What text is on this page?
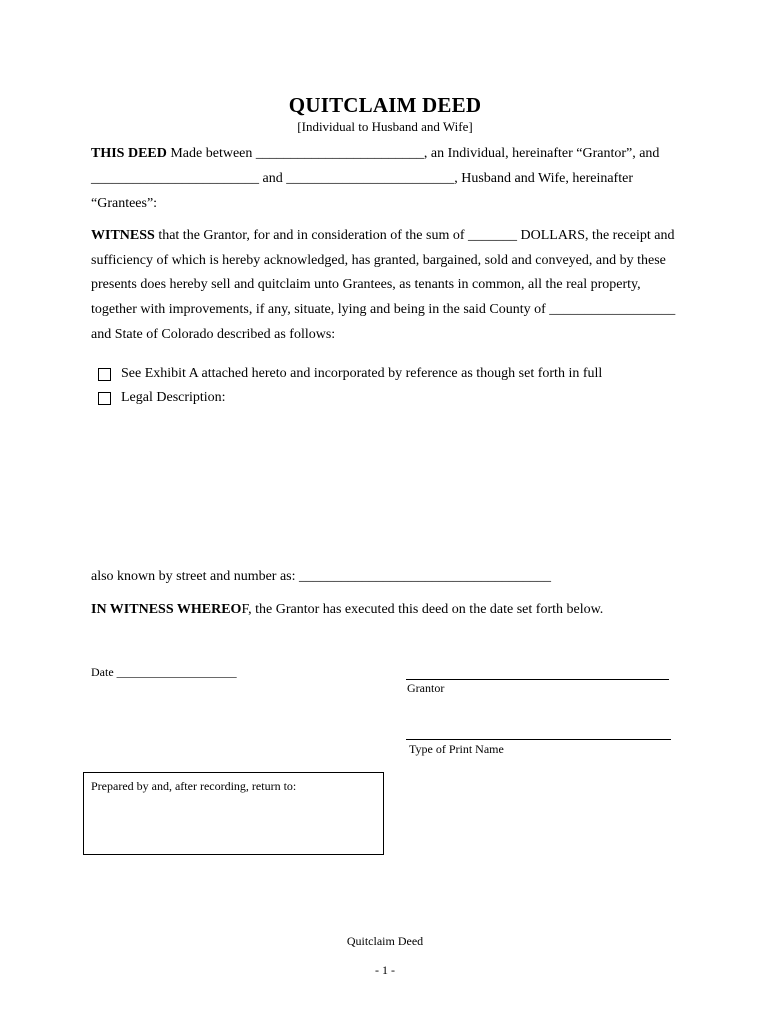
QUITCLAIM DEED
[Individual to Husband and Wife]
THIS DEED Made between ________________________, an Individual, hereinafter “Grantor”, and
________________________ and ________________________, Husband and Wife, hereinafter
“Grantees”:
WITNESS that the Grantor, for and in consideration of the sum of _______ DOLLARS, the receipt and
sufficiency of which is hereby acknowledged, has granted, bargained, sold and conveyed, and by these
presents does hereby sell and quitclaim unto Grantees, as tenants in common, all the real property,
together with improvements, if any, situate, lying and being in the said County of __________________
and State of Colorado described as follows:
See Exhibit A attached hereto and incorporated by reference as though set forth in full
Legal Description:
also known by street and number as: ____________________________________
IN WITNESS WHEREOF, the Grantor has executed this deed on the date set forth below.
Date ____________________
Grantor
Type of Print Name
Prepared by and, after recording, return to:
Quitclaim Deed
- 1 -
